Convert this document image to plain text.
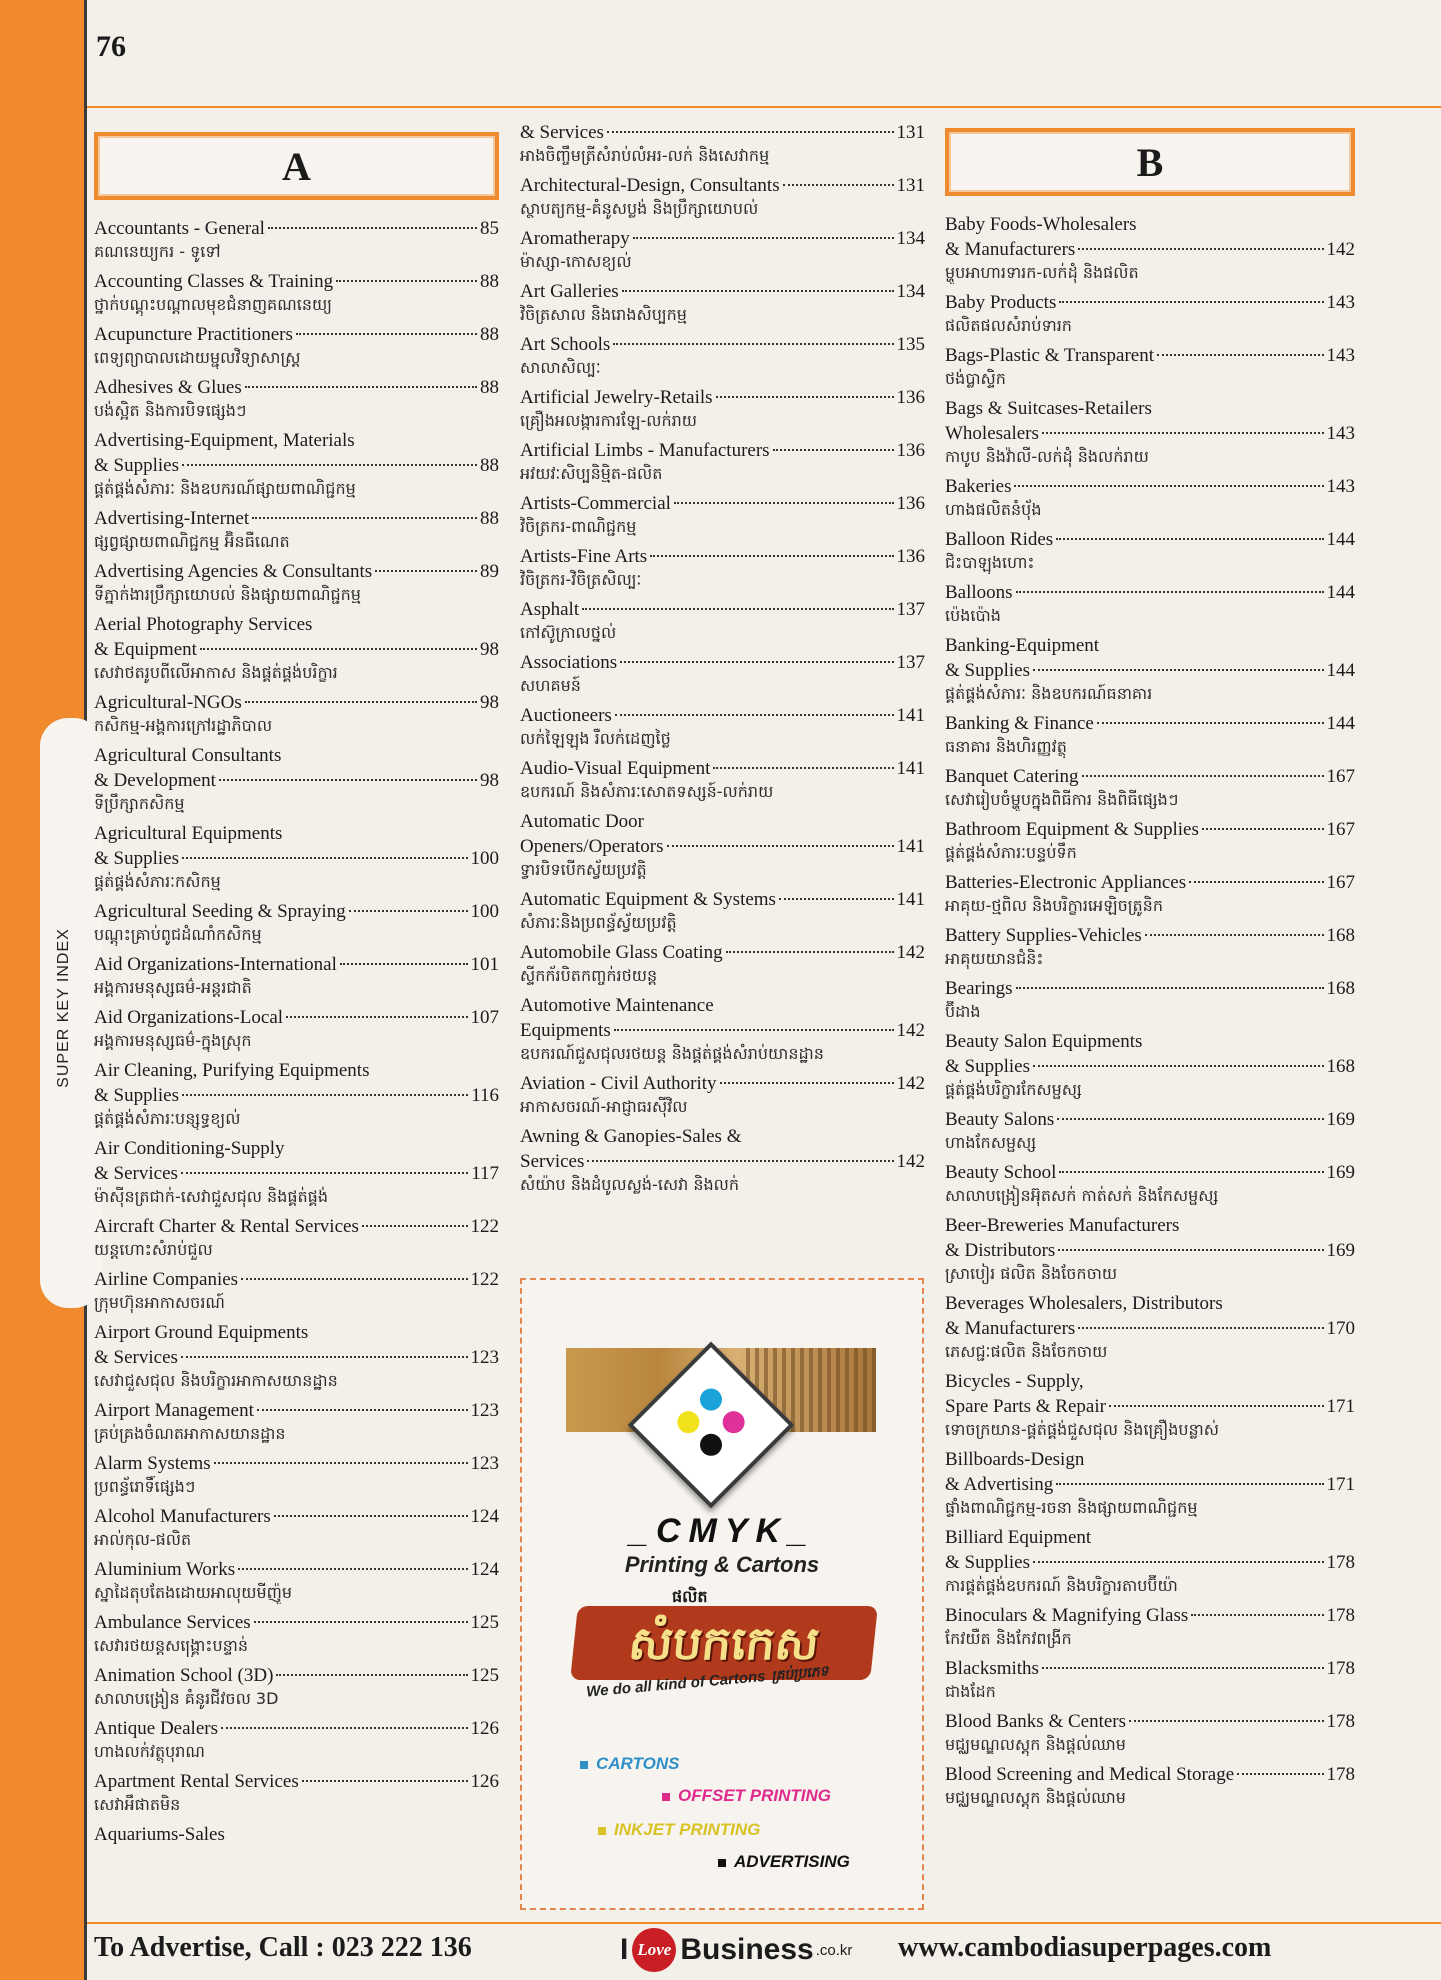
SUPER KEY INDEX
76
A
Accountants - General	85
គណនេយ្យករ - ទូទៅ
Accounting Classes & Training	88
ថ្នាក់បណ្តុះបណ្តាលមុខជំនាញគណនេយ្យ
Acupuncture Practitioners	88
ពេទ្យព្យាបាលដោយម្ជុលវិទ្យាសាស្ត្រ
Adhesives & Glues	88
បង់ស្អិត និងការបិទផ្សេងៗ
Advertising-Equipment, Materials
& Supplies	88
ផ្គត់ផ្គង់សំភារៈ និងឧបករណ៍ផ្សាយពាណិជ្ជកម្ម
Advertising-Internet	88
ផ្សព្វផ្សាយពាណិជ្ជកម្ម អ៊ិនធឺណេត
Advertising Agencies & Consultants	89
ទីភ្នាក់ងារប្រឹក្សាយោបល់ និងផ្សាយពាណិជ្ជកម្ម
Aerial Photography Services
& Equipment	98
សេវាថតរូបពីលើអាកាស និងផ្គត់ផ្គង់បរិក្ខារ
Agricultural-NGOs	98
កសិកម្ម-អង្គការក្រៅរដ្ឋាភិបាល
Agricultural Consultants
& Development	98
ទីប្រឹក្សាកសិកម្ម
Agricultural Equipments
& Supplies	100
ផ្គត់ផ្គង់សំភារៈកសិកម្ម
Agricultural Seeding & Spraying	100
បណ្តុះគ្រាប់ពូជដំណាំកសិកម្ម
Aid Organizations-International	101
អង្គការមនុស្សធម៌-អន្តរជាតិ
Aid Organizations-Local	107
អង្គការមនុស្សធម៌-ក្នុងស្រុក
Air Cleaning, Purifying Equipments
& Supplies	116
ផ្គត់ផ្គង់សំភារៈបន្សុទ្ធខ្យល់
Air Conditioning-Supply
& Services	117
ម៉ាស៊ីនត្រជាក់-សេវាជួសជុល និងផ្គត់ផ្គង់
Aircraft Charter & Rental Services	122
យន្តហោះសំរាប់ជួល
Airline Companies	122
ក្រុមហ៊ុនអាកាសចរណ៍
Airport Ground Equipments
& Services	123
សេវាជួសជុល និងបរិក្ខារអាកាសយានដ្ឋាន
Airport Management	123
គ្រប់គ្រងចំណតអាកាសយានដ្ឋាន
Alarm Systems	123
ប្រពន្ធ័រោទិ៍ផ្សេងៗ
Alcohol Manufacturers	124
អាល់កុល-ផលិត
Aluminium Works	124
ស្នាដៃតុបតែងដោយអាលុយមីញ៉ូម
Ambulance Services	125
សេវារថយន្តសង្គ្រោះបន្ទាន់
Animation School (3D)	125
សាលាបង្រៀន គំនូរជីវចល 3D
Antique Dealers	126
ហាងលក់វត្ថុបុរាណ
Apartment Rental Services	126
សេវាអឹផាតមិន
Aquariums-Sales
& Services	131
អាងចិញ្ចឹមត្រីសំរាប់លំអរ-លក់ និងសេវាកម្ម
Architectural-Design, Consultants	131
ស្ថាបត្យកម្ម-គំនូសប្លង់ និងប្រឹក្សាយោបល់
Aromatherapy	134
ម៉ាស្សា-កោសខ្យល់
Art Galleries	134
វិចិត្រសាល និងរោងសិប្បកម្ម
Art Schools	135
សាលាសិល្បៈ
Artificial Jewelry-Retails	136
គ្រឿងអលង្ការការឡែ-លក់រាយ
Artificial Limbs - Manufacturers	136
អវយវៈសិប្បនិម្មិត-ផលិត
Artists-Commercial	136
វិចិត្រករ-ពាណិជ្ជកម្ម
Artists-Fine Arts	136
វិចិត្រករ-វិចិត្រសិល្បៈ
Asphalt	137
កៅស៊ូក្រាលថ្នល់
Associations	137
សហគមន៍
Auctioneers	141
លក់ឡៃឡុង រឺលក់ដេញថ្លៃ
Audio-Visual Equipment	141
ឧបករណ៍ និងសំភារៈសោតទស្សន៍-លក់រាយ
Automatic Door
Openers/Operators	141
ទ្វារបិទបើកស្វ័យប្រវត្តិ
Automatic Equipment & Systems	141
សំភារៈនិងប្រពន្ធ័ស្វ័យប្រវត្តិ
Automobile Glass Coating	142
ស្ទីកក័របិតកញ្ចក់រថយន្ត
Automotive Maintenance
Equipments	142
ឧបករណ៍ជួសជុលរថយន្ត និងផ្គត់ផ្គង់សំរាប់យានដ្ឋាន
Aviation - Civil Authority	142
អាកាសចរណ៍-អាជ្ញាធរស៊ីវិល
Awning & Ganopies-Sales &
Services	142
សំយ៉ាប និងដំបូលស្លង់-សេវា និងលក់
B
Baby Foods-Wholesalers
& Manufacturers	142
ម្ហូបអាហារទារក-លក់ដុំ និងផលិត
Baby Products	143
ផលិតផលសំរាប់ទារក
Bags-Plastic & Transparent	143
ថង់ប្លាស្ទិក
Bags & Suitcases-Retailers
Wholesalers	143
កាបូប និងវ៉ាលី-លក់ដុំ និងលក់រាយ
Bakeries	143
ហាងផលិតនំប៉័ង
Balloon Rides	144
ជិះបាឡុងហោះ
Balloons	144
ប៉េងប៉ោង
Banking-Equipment
& Supplies	144
ផ្គត់ផ្គង់សំភារៈ និងឧបករណ៍ធនាគារ
Banking & Finance	144
ធនាគារ និងហិរញ្ញវត្ថុ
Banquet Catering	167
សេវារៀបចំម្ហូបក្នុងពិធីការ និងពិធីផ្សេងៗ
Bathroom Equipment & Supplies	167
ផ្គត់ផ្គង់សំភារៈបន្ទប់ទឹក
Batteries-Electronic Appliances	167
អាគុយ-ថ្មពិល និងបរិក្ខារអេឡិចត្រូនិក
Battery Supplies-Vehicles	168
អាគុយយានជំនិះ
Bearings	168
ប៊ីដាង
Beauty Salon Equipments
& Supplies	168
ផ្គត់ផ្គង់បរិក្ខារកែសម្ផស្ស
Beauty Salons	169
ហាងកែសម្ផស្ស
Beauty School	169
សាលាបង្រៀនអ៊ុតសក់ កាត់សក់ និងកែសម្ផស្ស
Beer-Breweries Manufacturers
& Distributors	169
ស្រាបៀរ ផលិត និងចែកចាយ
Beverages Wholesalers, Distributors
& Manufacturers	170
ភេសជ្ជៈផលិត និងចែកចាយ
Bicycles - Supply,
Spare Parts & Repair	171
ទោចក្រយាន-ផ្គត់ផ្គង់ជួសជុល និងគ្រឿងបន្លាស់
Billboards-Design
& Advertising	171
ផ្ទាំងពាណិជ្ជកម្ម-រចនា និងផ្សាយពាណិជ្ជកម្ម
Billiard Equipment
& Supplies	178
ការផ្គត់ផ្គង់ឧបករណ៍ និងបរិក្ខារតាបប៊ីយ៉ា
Binoculars & Magnifying Glass	178
កែវយឺត និងកែវពង្រីក
Blacksmiths	178
ជាងដែក
Blood Banks & Centers	178
មជ្ឈមណ្ឌលស្តុក និងផ្តល់ឈាម
Blood Screening and Medical Storage	178
មជ្ឈមណ្ឌលស្តុក និងផ្តល់ឈាម
_CMYK_
Printing & Cartons
ផលិត
សំបកកេស
We do all kind of Cartons គ្រប់ប្រភេទ
CARTONS
OFFSET PRINTING
INKJET PRINTING
ADVERTISING
To Advertise, Call : 023 222 136	I Love Business .co.kr www.cambodiasuperpages.com
